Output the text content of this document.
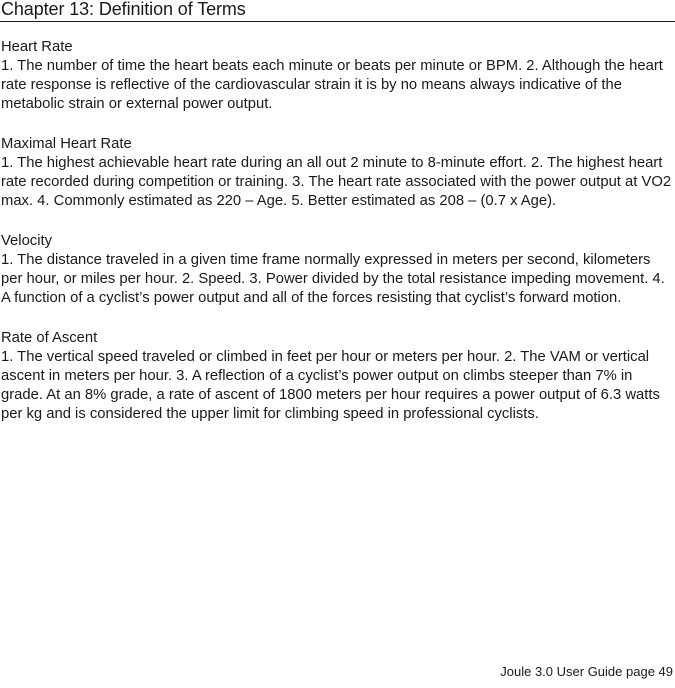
Chapter 13: Definition of Terms

Heart Rate

1. The number of time the heart beats each minute or beats per minute or BPM. 2. Although the heart rate response is reflective of the cardiovascular strain it is by no means always indicative of the metabolic strain or external power output.

Maximal Heart Rate

1. The highest achievable heart rate during an all out 2 minute to 8-minute effort. 2. The highest heart rate recorded during competition or training. 3. The heart rate associated with the power output at VO2 max. 4. Commonly estimated as 220 – Age. 5. Better estimated as 208 – (0.7 x Age).

Velocity

1. The distance traveled in a given time frame normally expressed in meters per second, kilometers per hour, or miles per hour. 2. Speed. 3. Power divided by the total resistance impeding movement. 4. A function of a cyclist’s power output and all of the forces resisting that cyclist’s forward motion.

Rate of Ascent

1. The vertical speed traveled or climbed in feet per hour or meters per hour. 2. The VAM or vertical ascent in meters per hour. 3. A reflection of a cyclist’s power output on climbs steeper than 7% in grade. At an 8% grade, a rate of ascent of 1800 meters per hour requires a power output of 6.3 watts per kg and is considered the upper limit for climbing speed in professional cyclists.

Joule 3.0 User Guide page 49
